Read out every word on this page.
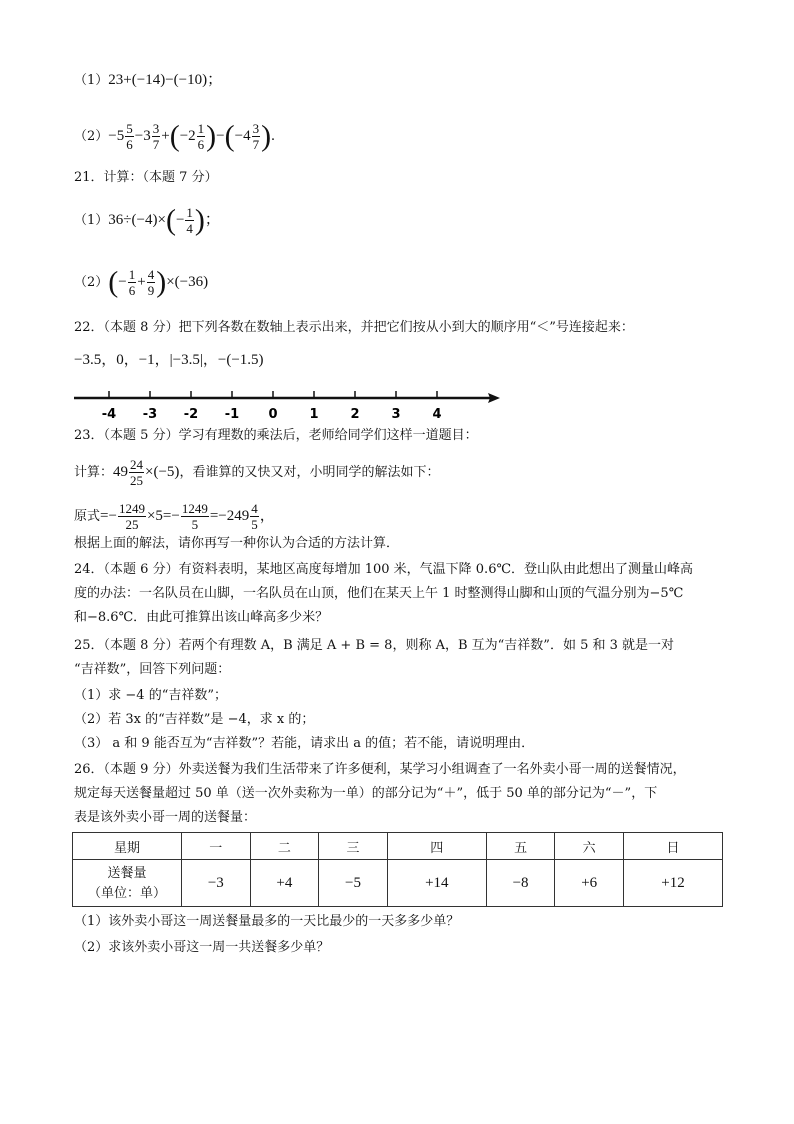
（1）23+(−14)−(−10)；
$(2)-5 \frac{5}{6} -3 \frac{3}{7} +(-2 \frac{1}{6} )-(-4 \frac{3}{7}$ ).
21．计算：（本题 7 分）
$(1)36\div(-4)\times(- \frac{1}{4}$ )；
$(2)(- \frac{1}{6} + \frac{4}{9} )\times(-36)$
22．（本题 8 分）把下列各数在数轴上表示出来，并把它们按从小到大的顺序用“＜”号连接起来：
−3.5，0，−1，|−3.5|，−(−1.5)
-4 -3 -2 -1 0 1 2 3 4
23．（本题 5 分）学习有理数的乘法后，老师给同学们这样一道题目：
计算：$49 \frac{24}{25} \times(-5)$，看谁算的又快又对，小明同学的解法如下：
原式=− $\frac{1249}{25} \times 5=- \frac{1249}{5} =-249 \frac{4}{5}$ ，
根据上面的解法，请你再写一种你认为合适的方法计算．
24．（本题 6 分）有资料表明，某地区高度每增加 100 米，气温下降 0.6℃．登山队由此想出了测量山峰高
度的办法：一名队员在山脚，一名队员在山顶，他们在某天上午 1 时整测得山脚和山顶的气温分别为−5℃
和−8.6℃．由此可推算出该山峰高多少米？
25．（本题 8 分）若两个有理数 A，B 满足 A + B = 8，则称 A，B 互为“吉祥数”．如 5 和 3 就是一对
“吉祥数”，回答下列问题：
（1）求 −4 的“吉祥数”；
（2）若 3x 的“吉祥数”是 −4，求 x 的；
（3） a 和 9 能否互为“吉祥数”？若能，请求出 a 的值；若不能，请说明理由．
26．（本题 9 分）外卖送餐为我们生活带来了许多便利，某学习小组调查了一名外卖小哥一周的送餐情况，
规定每天送餐量超过 50 单（送一次外卖称为一单）的部分记为“＋”，低于 50 单的部分记为“－”，下
表是该外卖小哥一周的送餐量：
星期	一	二	三	四	五	六	日

送餐量
（单位：单）	−3	+4	−5	+14	−8	+6	+12
（1）该外卖小哥这一周送餐量最多的一天比最少的一天多多少单？
（2）求该外卖小哥这一周一共送餐多少单？
